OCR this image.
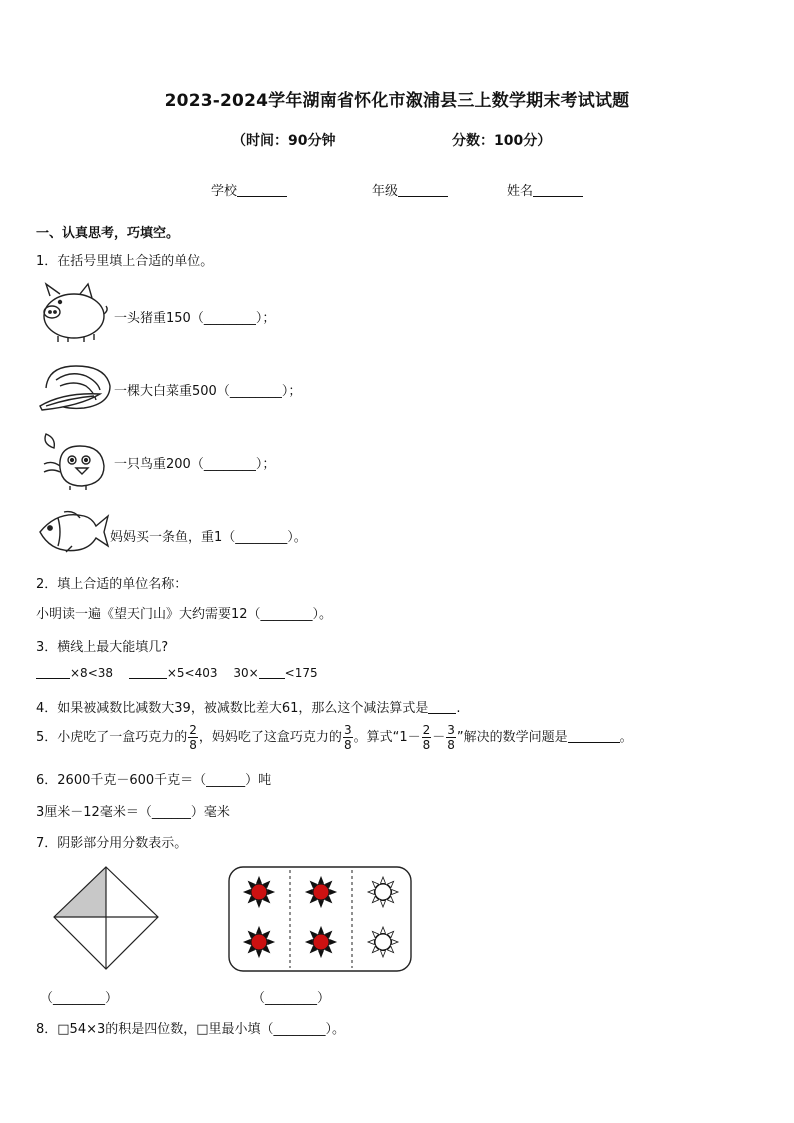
2023-2024学年湖南省怀化市溆浦县三上数学期末考试试题
（时间：90分钟	分数：100分）
学校	年级	姓名
一、认真思考，巧填空。
1．在括号里填上合适的单位。
一头猪重150（________）；
一棵大白菜重500（________）；
一只鸟重200（________）；
妈妈买一条鱼，重1（________）。
2．填上合适的单位名称：
小明读一遍《望天门山》大约需要12（________）。
3．横线上最大能填几?
×8<38	×5<403 30× <175
4．如果被减数比减数大39，被减数比差大61，那么这个减法算式是 .
5．小虎吃了一盒巧克力的 $\frac{2}{8}$ ，妈妈吃了这盒巧克力的 $\frac{3}{8}$ 。算式“$1- \frac{2}{8} - \frac{3}{8}$ ”解决的数学问题是	。
6．2600千克－600千克＝（______）吨
3厘米－12毫米＝（______）毫米
7．阴影部分用分数表示。
（________）	（________）
8．□54×3的积是四位数，□里最小填（________）。
